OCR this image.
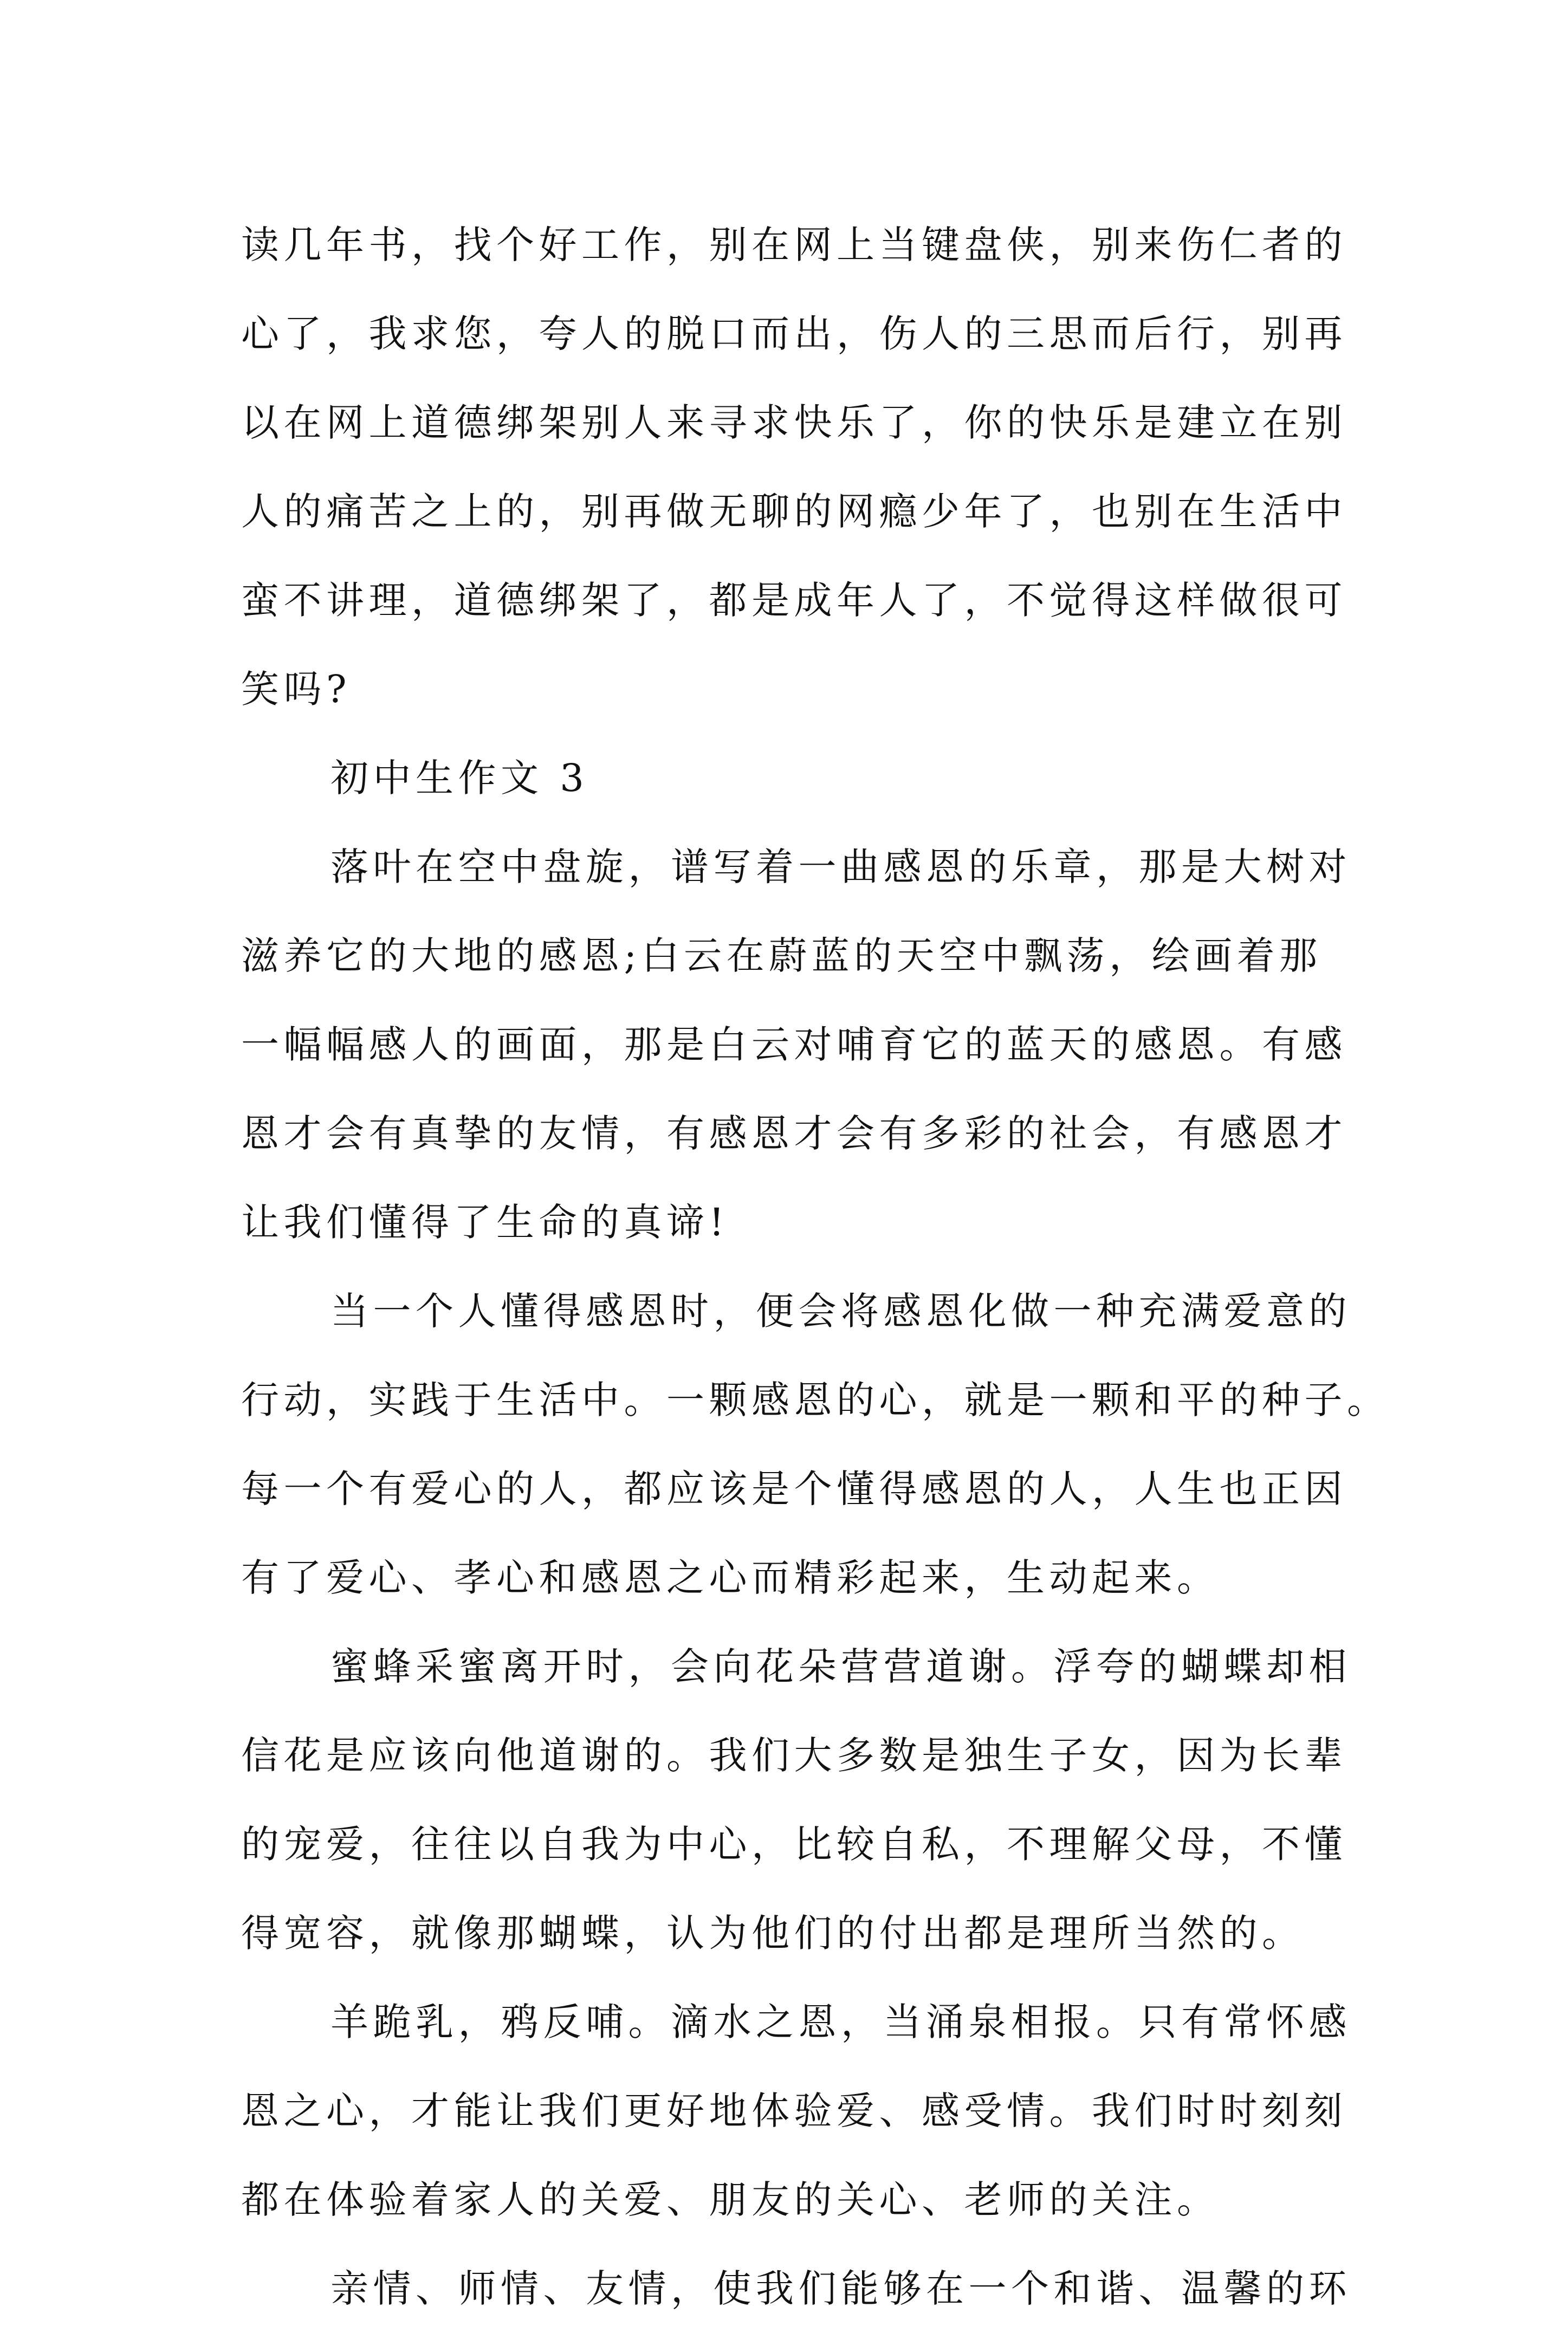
读几年书，找个好工作，别在网上当键盘侠，别来伤仁者的
心了，我求您，夸人的脱口而出，伤人的三思而后行，别再
以在网上道德绑架别人来寻求快乐了，你的快乐是建立在别
人的痛苦之上的，别再做无聊的网瘾少年了，也别在生活中
蛮不讲理，道德绑架了，都是成年人了，不觉得这样做很可
笑吗?
初中生作文 3
落叶在空中盘旋，谱写着一曲感恩的乐章，那是大树对
滋养它的大地的感恩;白云在蔚蓝的天空中飘荡，绘画着那
一幅幅感人的画面，那是白云对哺育它的蓝天的感恩。有感
恩才会有真挚的友情，有感恩才会有多彩的社会，有感恩才
让我们懂得了生命的真谛!
当一个人懂得感恩时，便会将感恩化做一种充满爱意的
行动，实践于生活中。一颗感恩的心，就是一颗和平的种子。
每一个有爱心的人，都应该是个懂得感恩的人，人生也正因
有了爱心、孝心和感恩之心而精彩起来，生动起来。
蜜蜂采蜜离开时，会向花朵营营道谢。浮夸的蝴蝶却相
信花是应该向他道谢的。我们大多数是独生子女，因为长辈
的宠爱，往往以自我为中心，比较自私，不理解父母，不懂
得宽容，就像那蝴蝶，认为他们的付出都是理所当然的。
羊跪乳，鸦反哺。滴水之恩，当涌泉相报。只有常怀感
恩之心，才能让我们更好地体验爱、感受情。我们时时刻刻
都在体验着家人的关爱、朋友的关心、老师的关注。
亲情、师情、友情，使我们能够在一个和谐、温馨的环
